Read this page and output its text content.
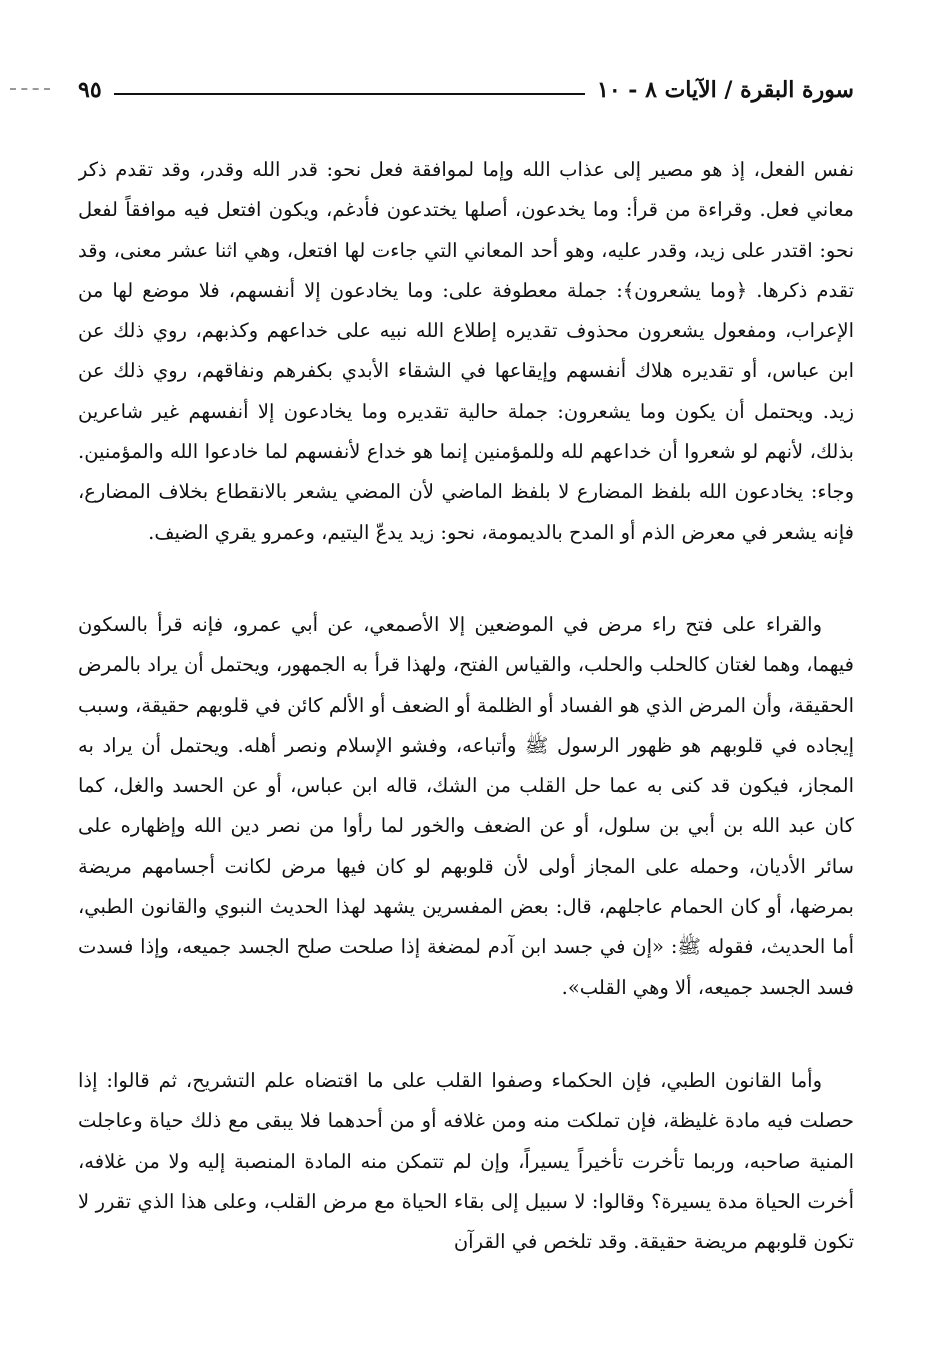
سورة البقرة / الآيات ٨ - ١٠
٩٥

نفس الفعل، إذ هو مصير إلى عذاب الله وإما لموافقة فعل نحو: قدر الله وقدر، وقد تقدم ذكر معاني فعل. وقراءة من قرأ: وما يخدعون، أصلها يختدعون فأدغم، ويكون افتعل فيه موافقاً لفعل نحو: اقتدر على زيد، وقدر عليه، وهو أحد المعاني التي جاءت لها افتعل، وهي اثنا عشر معنى، وقد تقدم ذكرها. ﴿وما يشعرون﴾: جملة معطوفة على: وما يخادعون إلا أنفسهم، فلا موضع لها من الإعراب، ومفعول يشعرون محذوف تقديره إطلاع الله نبيه على خداعهم وكذبهم، روي ذلك عن ابن عباس، أو تقديره هلاك أنفسهم وإيقاعها في الشقاء الأبدي بكفرهم ونفاقهم، روي ذلك عن زيد. ويحتمل أن يكون وما يشعرون: جملة حالية تقديره وما يخادعون إلا أنفسهم غير شاعرين بذلك، لأنهم لو شعروا أن خداعهم لله وللمؤمنين إنما هو خداع لأنفسهم لما خادعوا الله والمؤمنين. وجاء: يخادعون الله بلفظ المضارع لا بلفظ الماضي لأن المضي يشعر بالانقطاع بخلاف المضارع، فإنه يشعر في معرض الذم أو المدح بالديمومة، نحو: زيد يدعّ اليتيم، وعمرو يقري الضيف.

والقراء على فتح راء مرض في الموضعين إلا الأصمعي، عن أبي عمرو، فإنه قرأ بالسكون فيهما، وهما لغتان كالحلب والحلب، والقياس الفتح، ولهذا قرأ به الجمهور، ويحتمل أن يراد بالمرض الحقيقة، وأن المرض الذي هو الفساد أو الظلمة أو الضعف أو الألم كائن في قلوبهم حقيقة، وسبب إيجاده في قلوبهم هو ظهور الرسول ﷺ وأتباعه، وفشو الإسلام ونصر أهله. ويحتمل أن يراد به المجاز، فيكون قد كنى به عما حل القلب من الشك، قاله ابن عباس، أو عن الحسد والغل، كما كان عبد الله بن أبي بن سلول، أو عن الضعف والخور لما رأوا من نصر دين الله وإظهاره على سائر الأديان، وحمله على المجاز أولى لأن قلوبهم لو كان فيها مرض لكانت أجسامهم مريضة بمرضها، أو كان الحمام عاجلهم، قال: بعض المفسرين يشهد لهذا الحديث النبوي والقانون الطبي، أما الحديث، فقوله ﷺ: «إن في جسد ابن آدم لمضغة إذا صلحت صلح الجسد جميعه، وإذا فسدت فسد الجسد جميعه، ألا وهي القلب».

وأما القانون الطبي، فإن الحكماء وصفوا القلب على ما اقتضاه علم التشريح، ثم قالوا: إذا حصلت فيه مادة غليظة، فإن تملكت منه ومن غلافه أو من أحدهما فلا يبقى مع ذلك حياة وعاجلت المنية صاحبه، وربما تأخرت تأخيراً يسيراً، وإن لم تتمكن منه المادة المنصبة إليه ولا من غلافه، أخرت الحياة مدة يسيرة؟ وقالوا: لا سبيل إلى بقاء الحياة مع مرض القلب، وعلى هذا الذي تقرر لا تكون قلوبهم مريضة حقيقة. وقد تلخص في القرآن
